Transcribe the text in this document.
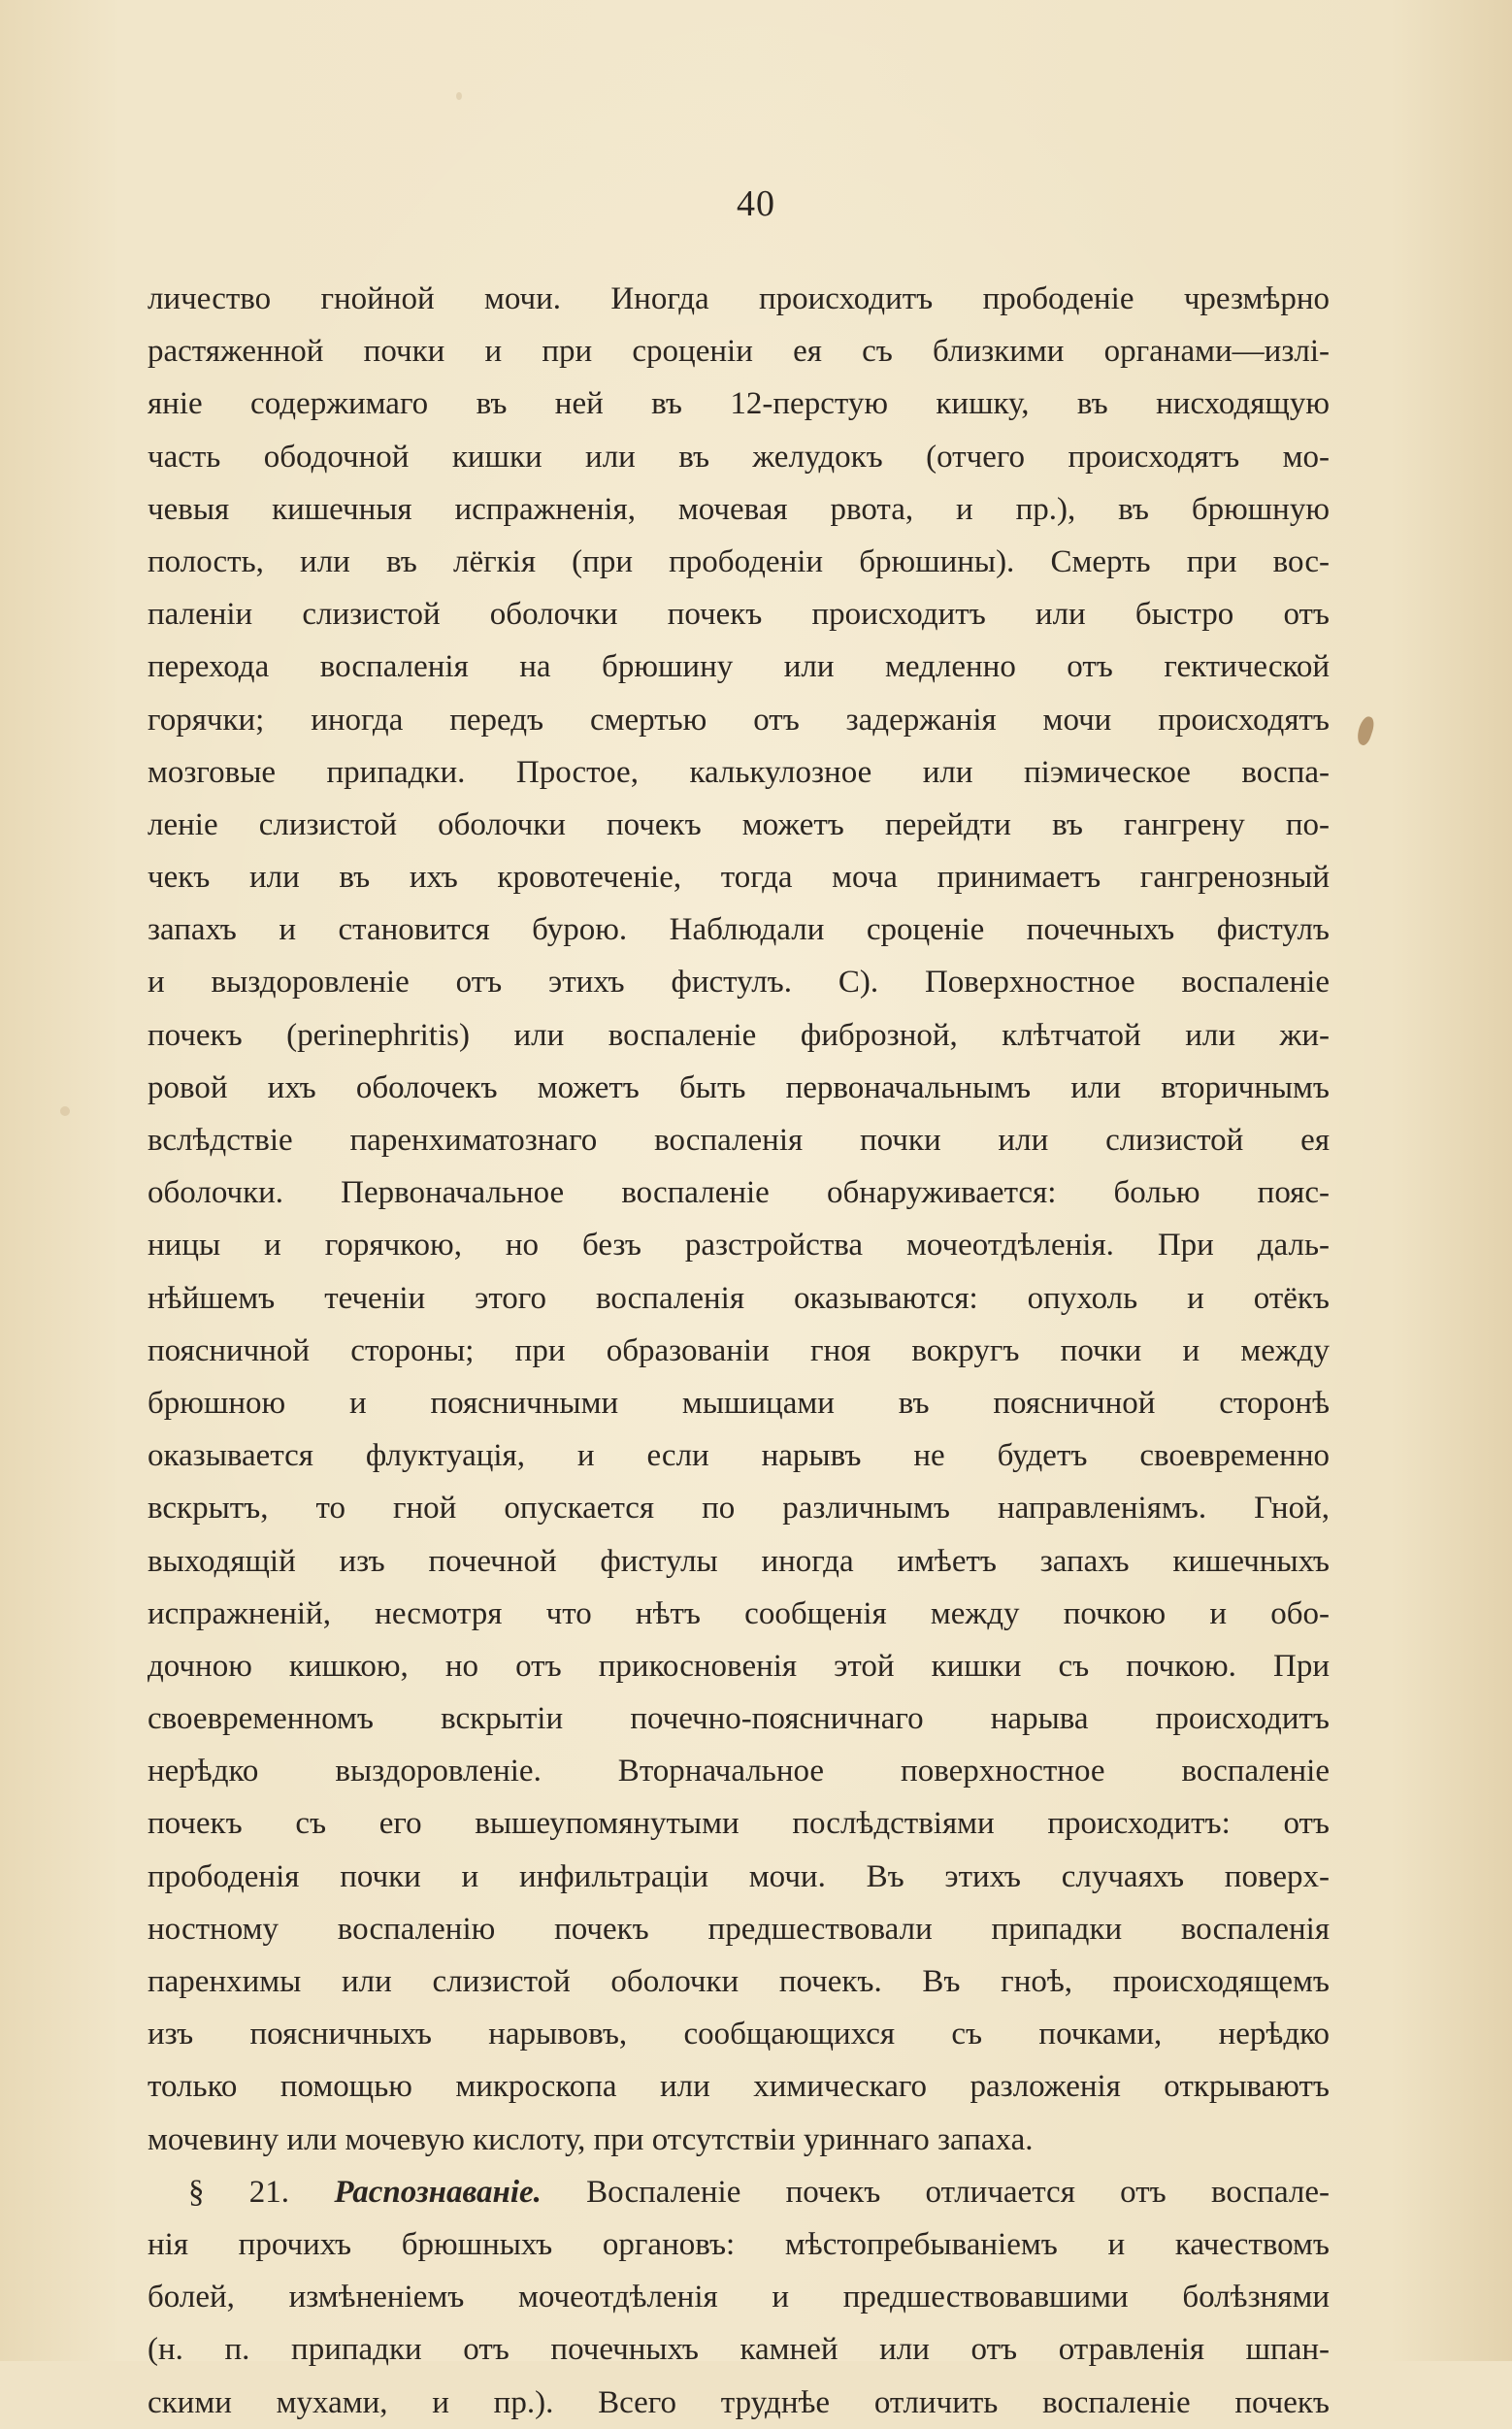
40
личество гнойной мочи. Иногда происходитъ прободенiе чрезмѣрно
растяженной почки и при сроценiи ея съ близкими органами—излi-
янiе содержимаго въ ней въ 12-перстую кишку, въ нисходящую
часть ободочной кишки или въ желудокъ (отчего происходятъ мо-
чевыя кишечныя испражненiя, мочевая рвота, и пр.), въ брюшную
полость, или въ лёгкiя (при прободенiи брюшины). Смерть при вос-
паленiи слизистой оболочки почекъ происходитъ или быстро отъ
перехода воспаленiя на брюшину или медленно отъ гектической
горячки; иногда передъ смертью отъ задержанiя мочи происходятъ
мозговые припадки. Простое, калькулозное или пiэмическое воспа-
ленiе слизистой оболочки почекъ можетъ перейдти въ гангрену по-
чекъ или въ ихъ кровотеченiе, тогда моча принимаетъ гангренозный
запахъ и становится бурою. Наблюдали сроценiе почечныхъ фистулъ
и выздоровленiе отъ этихъ фистулъ. С). Поверхностное воспаленiе
почекъ (perinephritis) или воспаленiе фиброзной, клѣтчатой или жи-
ровой ихъ оболочекъ можетъ быть первоначальнымъ или вторичнымъ
вслѣдствiе паренхиматознаго воспаленiя почки или слизистой ея
оболочки. Первоначальное воспаленiе обнаруживается: болью пояс-
ницы и горячкою, но безъ разстройства мочеотдѣленiя. При даль-
нѣйшемъ теченiи этого воспаленiя оказываются: опухоль и отёкъ
поясничной стороны; при образованiи гноя вокругъ почки и между
брюшною и поясничными мышицами въ поясничной сторонѣ
оказывается флуктуацiя, и если нарывъ не будетъ своевременно
вскрытъ, то гной опускается по различнымъ направленiямъ. Гной,
выходящiй изъ почечной фистулы иногда имѣетъ запахъ кишечныхъ
испражненiй, несмотря что нѣтъ сообщенiя между почкою и обо-
дочною кишкою, но отъ прикосновенiя этой кишки съ почкою. При
своевременномъ вскрытiи почечно-поясничнаго нарыва происходитъ
нерѣдко выздоровленiе. Вторначальное поверхностное воспаленiе
почекъ съ его вышеупомянутыми послѣдствiями происходитъ: отъ
прободенiя почки и инфильтрацiи мочи. Въ этихъ случаяхъ поверх-
ностному воспаленiю почекъ предшествовали припадки воспаленiя
паренхимы или слизистой оболочки почекъ. Въ гноѣ, происходящемъ
изъ поясничныхъ нарывовъ, сообщающихся съ почками, нерѣдко
только помощью микроскопа или химическаго разложенiя открываютъ
мочевину или мочевую кислоту, при отсутствiи уриннаго запаха.
§ 21. Распознаванiе. Воспаленiе почекъ отличается отъ воспале-
нiя прочихъ брюшныхъ органовъ: мѣстопребыванiемъ и качествомъ
болей, измѣненiемъ мочеотдѣленiя и предшествовавшими болѣзнями
(н. п. припадки отъ почечныхъ камней или отъ отравленiя шпан-
скими мухами, и пр.). Всего труднѣе отличить воспаленiе почекъ
